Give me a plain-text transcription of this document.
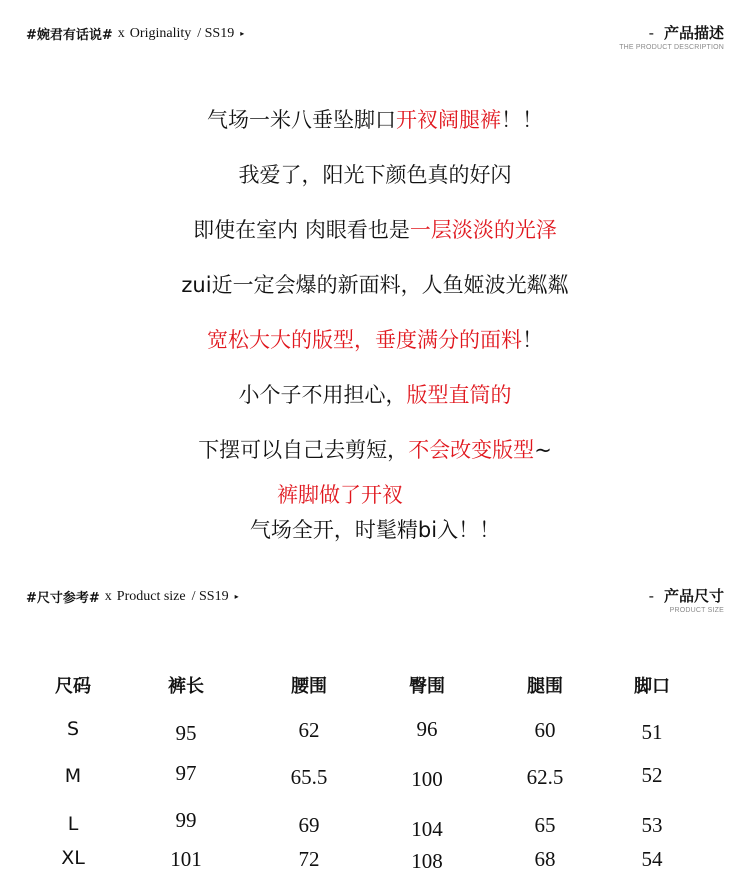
#婉君有话说# x Originality / SS19 ▸	- 产品描述
THE PRODUCT DESCRIPTION
气场一米八垂坠脚口开衩阔腿裤！！
我爱了，阳光下颜色真的好闪
即使在室内 肉眼看也是一层淡淡的光泽
zui近一定会爆的新面料，人鱼姬波光粼粼
宽松大大的版型，垂度满分的面料！
小个子不用担心，版型直筒的
下摆可以自己去剪短，不会改变版型~
裤脚做了开衩
气场全开，时髦精bi入！！
#尺寸参考# x Product size / SS19 ▸	- 产品尺寸
PRODUCT SIZE
尺码	裤长	腰围	臀围	腿围	脚口
S	95	62	96	60	51
M	97	65.5	100	62.5	52
L	99	69	104	65	53
XL	101	72	108	68	54
